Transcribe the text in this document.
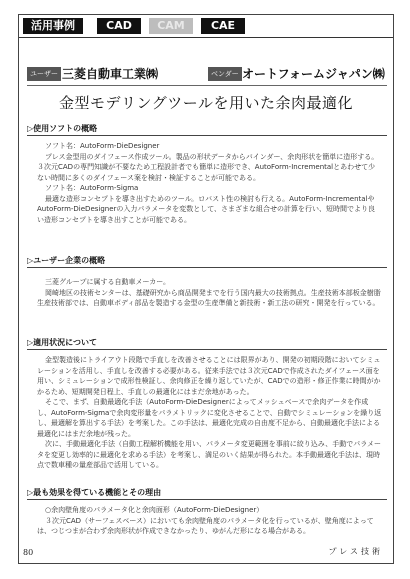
活用事例	CAD	CAM	CAE
ユーザー 三菱自動車工業㈱	ベンダー オートフォームジャパン㈱
金型モデリングツールを用いた余肉最適化
▷使用ソフトの概略

ソフト名：AutoForm-DieDesigner

プレス金型用のダイフェース作成ツール。製品の形状データからバインダー、余肉形状を簡単に造形する。３次元CADの専門知識が不要なため工程設計者でも簡単に造形でき、AutoForm-Incrementalとあわせて少ない時間に多くのダイフェース案を検討・検証することが可能である。

ソフト名：AutoForm-Sigma

最適な造形コンセプトを導き出すためのツール。ロバスト性の検討も行える。AutoForm-IncrementalやAutoForm-DieDesignerの入力パラメータを変数として、さまざまな組合せの計算を行い、短時間でより良い造形コンセプトを導き出すことが可能である。

▷ユーザー企業の概略

三菱グループに属する自動車メーカー。

岡崎地区の技術センターは、基礎研究から商品開発までを行う国内最大の技術拠点。生産技術本部板金樹脂生産技術部では、自動車ボディ部品を製造する金型の生産準備と新技術・新工法の研究・開発を行っている。

▷適用状況について

金型製造後にトライアウト段階で手直しを改善させることには限界があり、開発の初期段階においてシミュレーションを活用し、手直しを改善する必要がある。従来手法では３次元CADで作成されたダイフェース面を用い、シミュレーションで成形性検証し、余肉修正を繰り返していたが、CADでの造形・修正作業に時間がかかるため、短期開発日程上、手直しの最適化にはまだ余地があった。

そこで、まず、自動最適化手法（AutoForm-DieDesignerによってメッシュベースで余肉データを作成し、AutoForm-Sigmaで余肉変形量をパラメトリックに変化させることで、自動でシミュレーションを繰り返し、最適解を算出する手法）を考案した。この手法は、最適化完成の自由度不足から、自動最適化手法による最適化にはまだ余地が残った。

次に、手動最適化手法（自動工程解析機能を用い、パラメータ変更範囲を事前に絞り込み、手動でパラメータを変更し効率的に最適化を求める手法）を考案し、満足のいく結果が得られた。本手動最適化手法は、現時点で数車種の量産部品で活用している。

▷最も効果を得ている機能とその理由

○余肉壁角度のパラメータ化と余肉面形（AutoForm-DieDesigner）

３次元CAD（サーフェスベース）においても余肉壁角度のパラメータ化を行っているが、壁角度によっては、つじつまが合わず余肉形状が作成できなかったり、ゆがんだ形になる場合がある。

80	プレス技術
